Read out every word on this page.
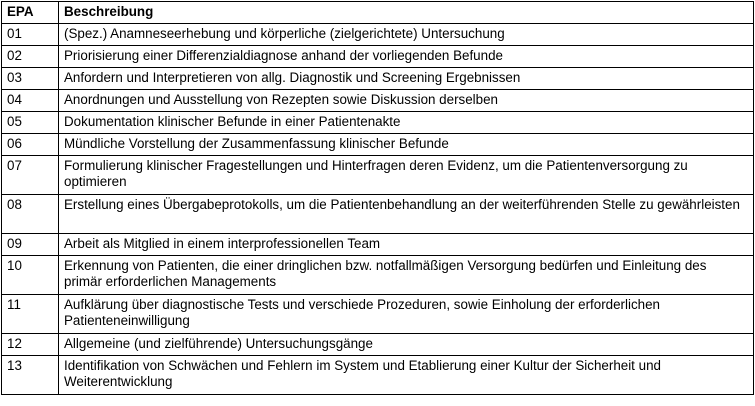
EPA	Beschreibung
01	(Spez.) Anamneseerhebung und körperliche (zielgerichtete) Untersuchung
02	Priorisierung einer Differenzialdiagnose anhand der vorliegenden Befunde
03	Anfordern und Interpretieren von allg. Diagnostik und Screening Ergebnissen
04	Anordnungen und Ausstellung von Rezepten sowie Diskussion derselben
05	Dokumentation klinischer Befunde in einer Patientenakte
06	Mündliche Vorstellung der Zusammenfassung klinischer Befunde
07	Formulierung klinischer Fragestellungen und Hinterfragen deren Evidenz, um die Patientenversorgung zu optimieren
08	Erstellung eines Übergabeprotokolls, um die Patientenbehandlung an der weiterführenden Stelle zu gewährleisten
09	Arbeit als Mitglied in einem interprofessionellen Team
10	Erkennung von Patienten, die einer dringlichen bzw. notfallmäßigen Versorgung bedürfen und Einleitung des primär erforderlichen Managements
11	Aufklärung über diagnostische Tests und verschiede Prozeduren, sowie Einholung der erforderlichen Patienteneinwilligung
12	Allgemeine (und zielführende) Untersuchungsgänge
13	Identifikation von Schwächen und Fehlern im System und Etablierung einer Kultur der Sicherheit und Weiterentwicklung
